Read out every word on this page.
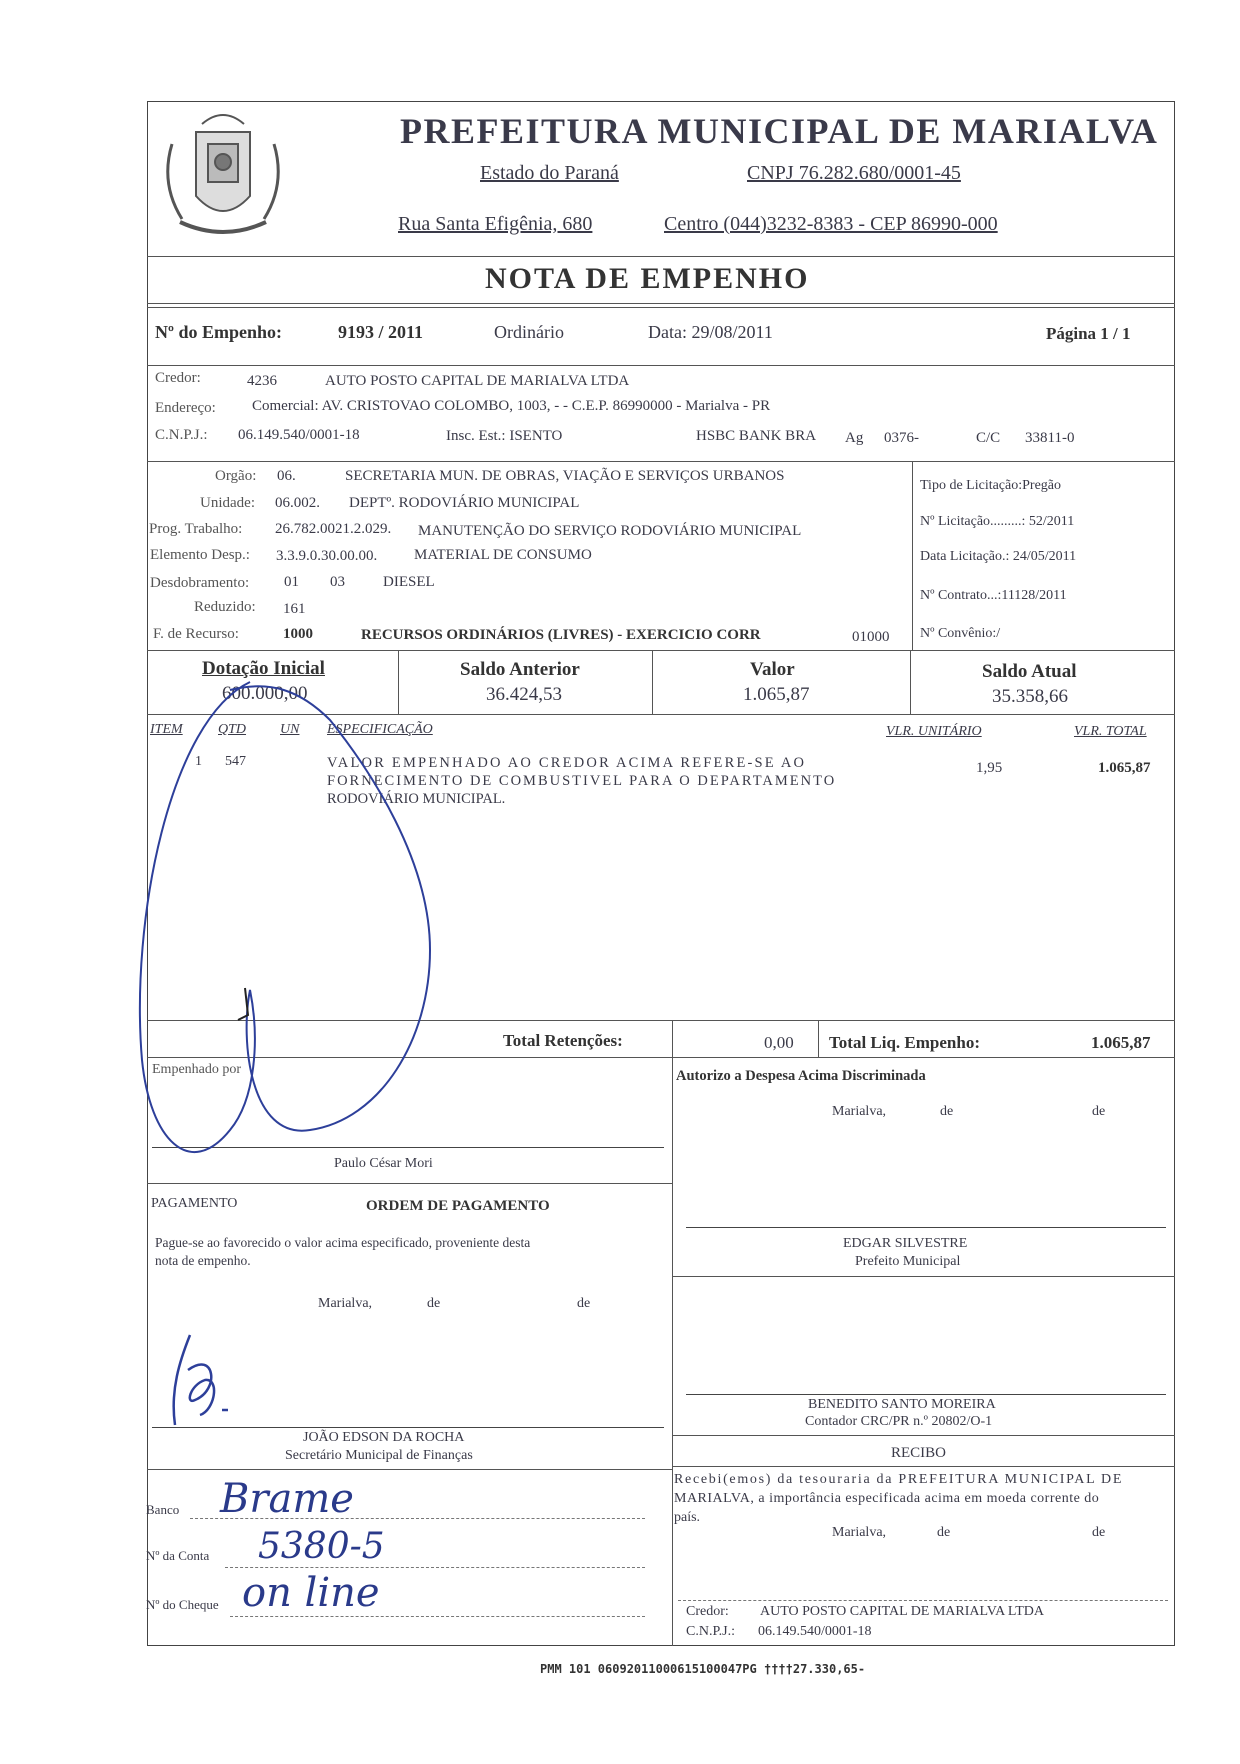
PREFEITURA MUNICIPAL DE MARIALVA
Estado do Paraná	CNPJ 76.282.680/0001-45
Rua Santa Efigênia, 680	Centro (044)3232-8383 - CEP 86990-000
NOTA DE EMPENHO
Nº do Empenho:	9193 / 2011	Ordinário	Data: 29/08/2011	Página 1 / 1
Credor:	4236	AUTO POSTO CAPITAL DE MARIALVA LTDA
Endereço: Comercial: AV. CRISTOVAO COLOMBO, 1003, - - C.E.P. 86990000 - Marialva - PR
C.N.P.J.: 06.149.540/0001-18	Insc. Est.: ISENTO	HSBC BANK BRA Ag 0376-	C/C 33811-0
Orgão: 06.	SECRETARIA MUN. DE OBRAS, VIAÇÃO E SERVIÇOS URBANOS
Unidade: 06.002. DEPTº. RODOVIÁRIO MUNICIPAL
Prog. Trabalho: 26.782.0021.2.029. MANUTENÇÃO DO SERVIÇO RODOVIÁRIO MUNICIPAL
Elemento Desp.: 3.3.9.0.30.00.00. MATERIAL DE CONSUMO
Desdobramento: 01 03	DIESEL
Reduzido: 161
F. de Recurso:	1000	RECURSOS ORDINÁRIOS (LIVRES) - EXERCICIO CORR	01000
Tipo de Licitação:Pregão
Nº Licitação.........: 52/2011
Data Licitação.: 24/05/2011
Nº Contrato...:11128/2011
Nº Convênio:/
Dotação Inicial
600.000,00
Saldo Anterior
36.424,53
Valor
1.065,87
Saldo Atual
35.358,66
ITEM	QTD UN ESPECIFICAÇÃO	VLR. UNITÁRIO	VLR. TOTAL
1 547	VALOR EMPENHADO AO CREDOR ACIMA REFERE-SE AO
FORNECIMENTO DE COMBUSTIVEL PARA O DEPARTAMENTO
RODOVIÁRIO MUNICIPAL.
1,95	1.065,87
Total Retenções:	0,00 Total Liq. Empenho:	1.065,87
Empenhado por
Paulo César Mori
Autorizo a Despesa Acima Discriminada
Marialva,	de	de
EDGAR SILVESTRE
Prefeito Municipal
PAGAMENTO	ORDEM DE PAGAMENTO
Pague-se ao favorecido o valor acima especificado, proveniente desta
nota de empenho.
Marialva,	de	de
JOÃO EDSON DA ROCHA
Secretário Municipal de Finanças
BENEDITO SANTO MOREIRA
Contador CRC/PR n.º 20802/O-1
RECIBO
Recebi(emos) da tesouraria da PREFEITURA MUNICIPAL DE
MARIALVA, a importância especificada acima em moeda corrente do
país.
Marialva,	de	de
Credor: AUTO POSTO CAPITAL DE MARIALVA LTDA
C.N.P.J.: 06.149.540/0001-18
Banco Brame
Nº da Conta 5380-5
Nº do Cheque on line
PMM 101 06092011000615100047PG ††††27.330,65-
